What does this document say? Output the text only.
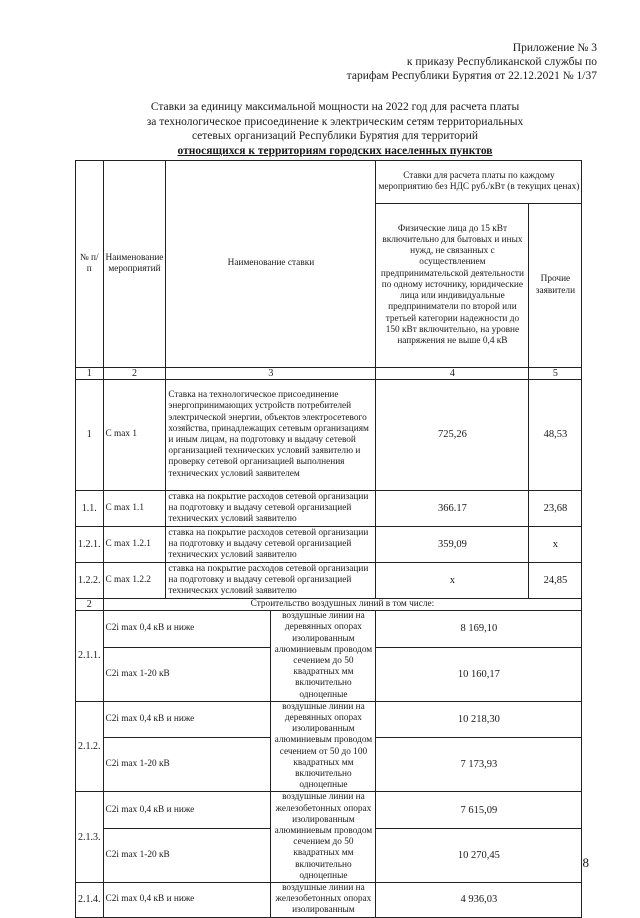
Приложение № 3
к приказу Республиканской службы по
тарифам Республики Бурятия от 22.12.2021 № 1/37
Ставки за единицу максимальной мощности на 2022 год для расчета платы
за технологическое присоединение к электрическим сетям территориальных
сетевых организаций Республики Бурятия для территорий
относящихся к территориям городских населенных пунктов
№ п/п	Наименование мероприятий	Наименование ставки		Ставки для расчета платы по каждому мероприятию без НДС руб./кВт (в текущих ценах)	
				Физические лица до 15 кВт включительно для бытовых и иных нужд, не связанных с осуществлением предпринимательской деятельности по одному источнику, юридические лица или индивидуальные предприниматели по второй или третьей категории надежности до 150 кВт включительно, на уровне напряжения не выше 0,4 кВ	Прочие заявители
1	2	3		4	5
1	C max 1	Ставка на технологическое присоединение энергопринимающих устройств потребителей электрической энергии, объектов электросетевого хозяйства, принадлежащих сетевым организациям и иным лицам, на подготовку и выдачу сетевой организацией технических условий заявителю и проверку сетевой организацией выполнения технических условий заявителем		725,26	48,53
1.1.	C max 1.1	ставка на покрытие расходов сетевой организации на подготовку и выдачу сетевой организацией технических условий заявителю		366.17	23,68
1.2.1.	C max 1.2.1	ставка на покрытие расходов сетевой организации на подготовку и выдачу сетевой организацией технических условий заявителю		359,09	x
1.2.2.	C max 1.2.2	ставка на покрытие расходов сетевой организации на подготовку и выдачу сетевой организацией технических условий заявителю		x	24,85
2	Строительство воздушных линий в том числе:				
2.1.1.	C2i max 0,4 кВ и ниже		воздушные линии на деревянных опорах изолированным алюминиевым проводом сечением до 50 квадратных мм включительно одноцепные	8 169,10	
	C2i max 1-20 кВ			10 160,17	
2.1.2.	C2i max 0,4 кВ и ниже		воздушные линии на деревянных опорах изолированным алюминиевым проводом сечением от 50 до 100 квадратных мм включительно одноцепные	10 218,30	
	C2i max 1-20 кВ			7 173,93	
2.1.3.	C2i max 0,4 кВ и ниже		воздушные линии на железобетонных опорах изолированным алюминиевым проводом сечением до 50 квадратных мм включительно одноцепные	7 615,09	
	C2i max 1-20 кВ			10 270,45	
2.1.4.	C2i max 0,4 кВ и ниже		воздушные линии на железобетонных опорах изолированным	4 936,03	
8
